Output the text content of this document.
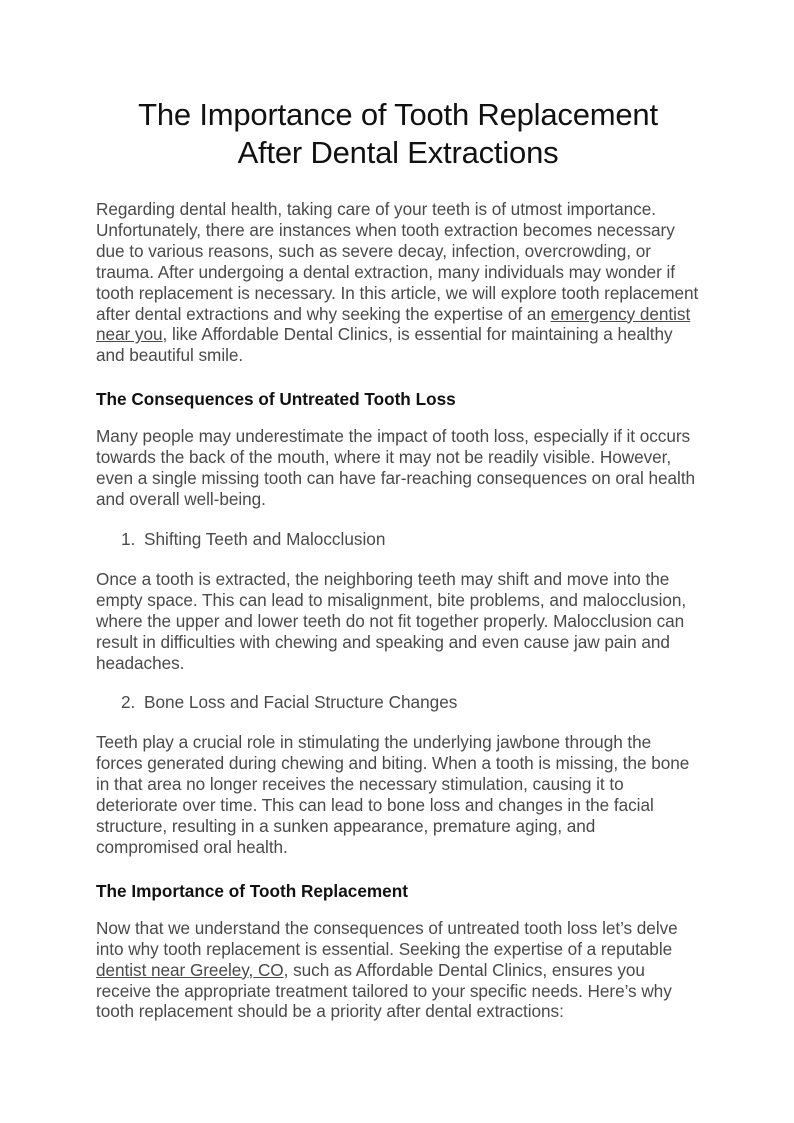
The Importance of Tooth Replacement
After Dental Extractions

Regarding dental health, taking care of your teeth is of utmost importance. Unfortunately, there are instances when tooth extraction becomes necessary due to various reasons, such as severe decay, infection, overcrowding, or trauma. After undergoing a dental extraction, many individuals may wonder if tooth replacement is necessary. In this article, we will explore tooth replacement after dental extractions and why seeking the expertise of an emergency dentist near you, like Affordable Dental Clinics, is essential for maintaining a healthy and beautiful smile.

The Consequences of Untreated Tooth Loss

Many people may underestimate the impact of tooth loss, especially if it occurs towards the back of the mouth, where it may not be readily visible. However, even a single missing tooth can have far-reaching consequences on oral health and overall well-being.

1. Shifting Teeth and Malocclusion

Once a tooth is extracted, the neighboring teeth may shift and move into the empty space. This can lead to misalignment, bite problems, and malocclusion, where the upper and lower teeth do not fit together properly. Malocclusion can result in difficulties with chewing and speaking and even cause jaw pain and headaches.

2. Bone Loss and Facial Structure Changes

Teeth play a crucial role in stimulating the underlying jawbone through the forces generated during chewing and biting. When a tooth is missing, the bone in that area no longer receives the necessary stimulation, causing it to deteriorate over time. This can lead to bone loss and changes in the facial structure, resulting in a sunken appearance, premature aging, and compromised oral health.

The Importance of Tooth Replacement

Now that we understand the consequences of untreated tooth loss let’s delve into why tooth replacement is essential. Seeking the expertise of a reputable dentist near Greeley, CO, such as Affordable Dental Clinics, ensures you receive the appropriate treatment tailored to your specific needs. Here’s why tooth replacement should be a priority after dental extractions:
